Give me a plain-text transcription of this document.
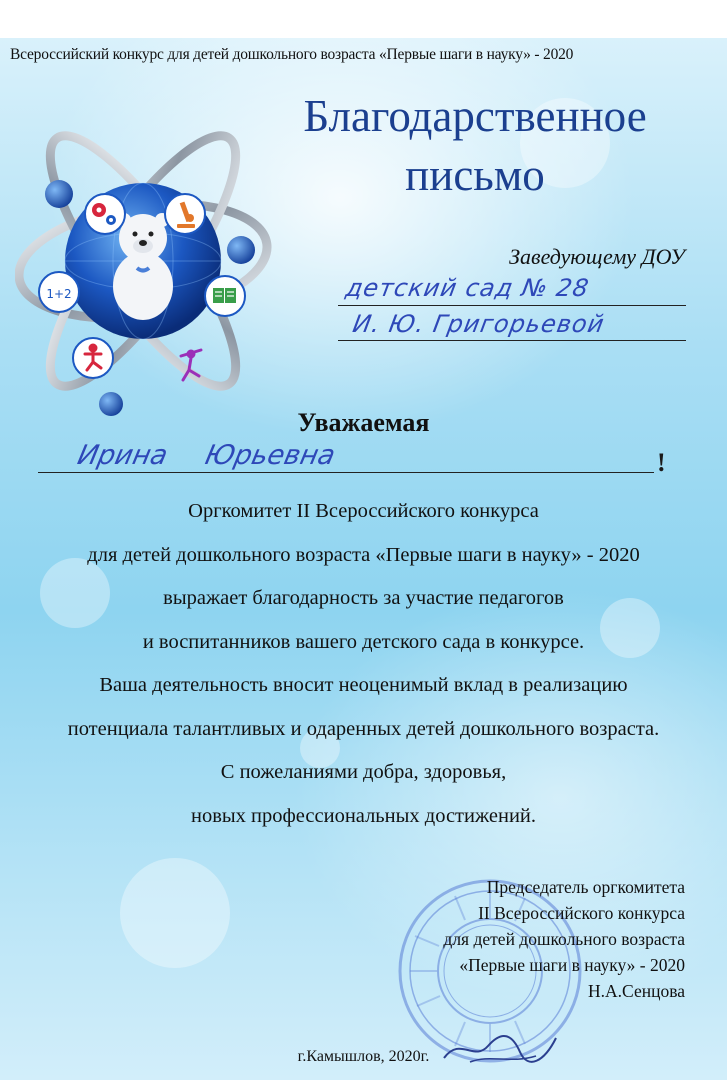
Всероссийский конкурс для детей дошкольного возраста «Первые шаги в науку» - 2020
1+2
Благодарственное
письмо
Заведующему ДОУ
детский сад № 28
И. Ю. Григорьевой
Уважаемая
Ирина Юрьевна	!
Оргкомитет II Всероссийского конкурса
для детей дошкольного возраста «Первые шаги в науку» - 2020
выражает благодарность за участие педагогов
и воспитанников вашего детского сада в конкурсе.
Ваша деятельность вносит неоценимый вклад в реализацию
потенциала талантливых и одаренных детей дошкольного возраста.
С пожеланиями добра, здоровья,
новых профессиональных достижений.
Председатель оргкомитета
II Всероссийского конкурса
для детей дошкольного возраста
«Первые шаги в науку» - 2020
Н.А.Сенцова
г.Камышлов, 2020г.
